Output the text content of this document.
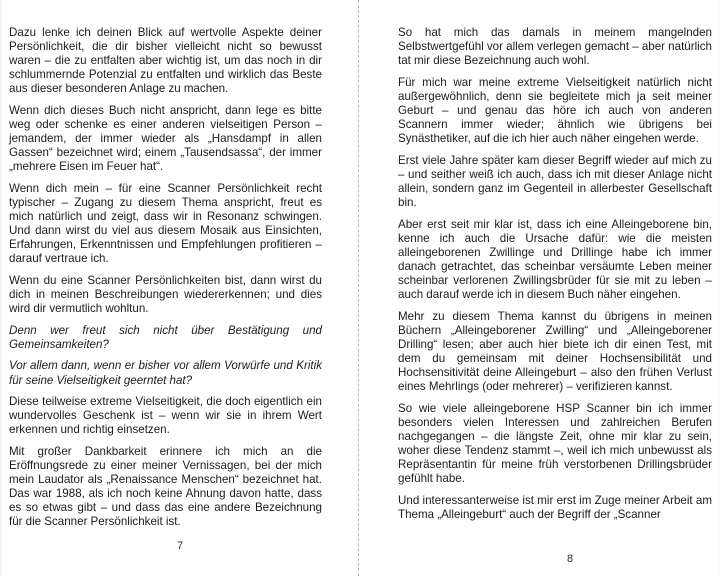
Dazu lenke ich deinen Blick auf wertvolle Aspekte deiner Persönlichkeit, die dir bisher vielleicht nicht so bewusst waren – die zu entfalten aber wichtig ist, um das noch in dir schlummernde Potenzial zu entfalten und wirklich das Beste aus dieser besonderen Anlage zu machen.

Wenn dich dieses Buch nicht anspricht, dann lege es bitte weg oder schenke es einer anderen vielseitigen Person – jemandem, der immer wieder als „Hansdampf in allen Gassen“ bezeichnet wird; einem „Tausendsassa“, der immer „mehrere Eisen im Feuer hat“.

Wenn dich mein – für eine Scanner Persönlichkeit recht typischer – Zugang zu diesem Thema anspricht, freut es mich natürlich und zeigt, dass wir in Resonanz schwingen. Und dann wirst du viel aus diesem Mosaik aus Einsichten, Erfahrungen, Erkenntnissen und Empfehlungen profitieren – darauf vertraue ich.

Wenn du eine Scanner Persönlichkeiten bist, dann wirst du dich in meinen Beschreibungen wiedererkennen; und dies wird dir vermutlich wohltun.

Denn wer freut sich nicht über Bestätigung und Gemeinsamkeiten?

Vor allem dann, wenn er bisher vor allem Vorwürfe und Kritik für seine Vielseitigkeit geerntet hat?

Diese teilweise extreme Vielseitigkeit, die doch eigentlich ein wundervolles Geschenk ist – wenn wir sie in ihrem Wert erkennen und richtig einsetzen.

Mit großer Dankbarkeit erinnere ich mich an die Eröffnungsrede zu einer meiner Vernissagen, bei der mich mein Laudator als „Renaissance Menschen“ bezeichnet hat. Das war 1988, als ich noch keine Ahnung davon hatte, dass es so etwas gibt – und dass das eine andere Bezeichnung für die Scanner Persönlichkeit ist.

7

So hat mich das damals in meinem mangelnden Selbstwertgefühl vor allem verlegen gemacht – aber natürlich tat mir diese Bezeichnung auch wohl.

Für mich war meine extreme Vielseitigkeit natürlich nicht außergewöhnlich, denn sie begleitete mich ja seit meiner Geburt – und genau das höre ich auch von anderen Scannern immer wieder; ähnlich wie übrigens bei Synästhetiker, auf die ich hier auch näher eingehen werde.

Erst viele Jahre später kam dieser Begriff wieder auf mich zu – und seither weiß ich auch, dass ich mit dieser Anlage nicht allein, sondern ganz im Gegenteil in allerbester Gesellschaft bin.

Aber erst seit mir klar ist, dass ich eine Alleingeborene bin, kenne ich auch die Ursache dafür: wie die meisten alleingeborenen Zwillinge und Drillinge habe ich immer danach getrachtet, das scheinbar versäumte Leben meiner scheinbar verlorenen Zwillingsbrüder für sie mit zu leben – auch darauf werde ich in diesem Buch näher eingehen.

Mehr zu diesem Thema kannst du übrigens in meinen Büchern „Alleingeborener Zwilling“ und „Alleingeborener Drilling“ lesen; aber auch hier biete ich dir einen Test, mit dem du gemeinsam mit deiner Hochsensibilität und Hochsensitivität deine Alleingeburt – also den frühen Verlust eines Mehrlings (oder mehrerer) – verifizieren kannst.

So wie viele alleingeborene HSP Scanner bin ich immer besonders vielen Interessen und zahlreichen Berufen nachgegangen – die längste Zeit, ohne mir klar zu sein, woher diese Tendenz stammt –, weil ich mich unbewusst als Repräsentantin für meine früh verstorbenen Drillingsbrüder gefühlt habe.

Und interessanterweise ist mir erst im Zuge meiner Arbeit am Thema „Alleingeburt“ auch der Begriff der „Scanner

8
